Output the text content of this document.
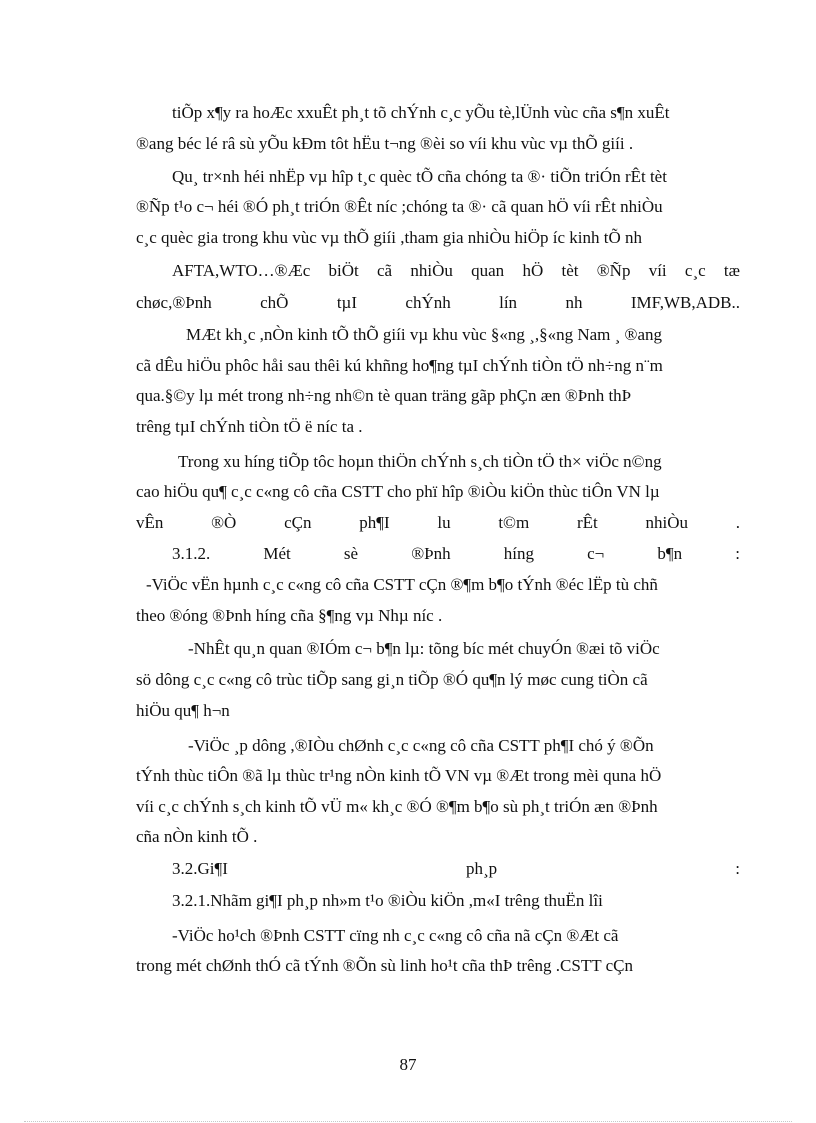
tiÕp x¶y ra hoÆc xxuÊt ph¸t tõ chÝnh c¸c yÕu tè,lÜnh vùc cña s¶n xuÊt
®ang béc lé râ sù yÕu kÐm tôt hËu t¬ng ®èi so víi khu vùc vµ thÕ giíi .
Qu¸ tr×nh héi nhËp vµ hîp t¸c quèc tÕ cña chóng ta ®· tiÕn triÓn rÊt tèt
®Ñp t¹o c¬ héi ®Ó ph¸t triÓn ®Êt níc ;chóng ta ®· cã quan hÖ víi rÊt nhiÒu
c¸c quèc gia trong khu vùc vµ thÕ giíi ,tham gia nhiÒu hiÖp íc kinh tÕ nh
AFTA,WTO…®Æc biÖt cã nhiÒu quan hÖ tèt ®Ñp víi c¸c tæ
chøc,®Þnh chÕ tµI chÝnh lín nh IMF,WB,ADB..
MÆt kh¸c ,nÒn kinh tÕ thÕ giíi vµ khu vùc §«ng ¸,§«ng Nam ¸ ®ang
cã dÊu hiÖu phôc håi sau thêi kú khñng ho¶ng tµI chÝnh tiÒn tÖ nh÷ng n¨m
qua.§©y lµ mét trong nh÷ng nh©n tè quan träng gãp phÇn æn ®Þnh thÞ
trêng tµI chÝnh tiÒn tÖ ë níc ta .
Trong xu híng tiÕp tôc hoµn thiÖn chÝnh s¸ch tiÒn tÖ th× viÖc n©ng
cao hiÖu qu¶ c¸c c«ng cô cña CSTT cho phï hîp ®iÒu kiÖn thùc tiÔn VN lµ
vÊn ®Ò cÇn ph¶I lu t©m rÊt nhiÒu .
3.1.2. Mét sè ®Þnh híng c¬ b¶n :
-ViÖc vËn hµnh c¸c c«ng cô cña CSTT cÇn ®¶m b¶o tÝnh ®éc lËp tù chñ
theo ®óng ®Þnh híng cña §¶ng vµ Nhµ níc .
-NhÊt qu¸n quan ®IÓm c¬ b¶n lµ: tõng bíc mét chuyÓn ®æi tõ viÖc
sö dông c¸c c«ng cô trùc tiÕp sang gi¸n tiÕp ®Ó qu¶n lý møc cung tiÒn cã
hiÖu qu¶ h¬n
-ViÖc ¸p dông ,®IÒu chØnh c¸c c«ng cô cña CSTT ph¶I chó ý ®Õn
tÝnh thùc tiÔn ®ã lµ thùc tr¹ng nÒn kinh tÕ VN vµ ®Æt trong mèi quna hÖ
víi c¸c chÝnh s¸ch kinh tÕ vÜ m« kh¸c ®Ó ®¶m b¶o sù ph¸t triÓn æn ®Þnh
cña nÒn kinh tÕ .
3.2.Gi¶I ph¸p :
3.2.1.Nhãm gi¶I ph¸p nh»m t¹o ®iÒu kiÖn ,m«I trêng thuËn lîi
-ViÖc ho¹ch ®Þnh CSTT cïng nh c¸c c«ng cô cña nã cÇn ®Æt cã
trong mét chØnh thÓ cã tÝnh ®Õn sù linh ho¹t cña thÞ trêng .CSTT cÇn
87
